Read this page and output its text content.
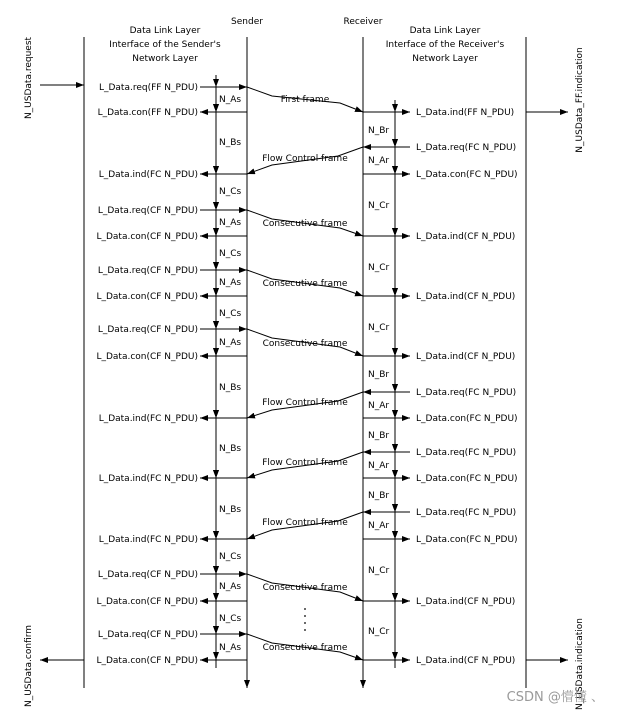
Sender	Receiver
Data Link Layer
Interface of the Sender's
Network Layer
Data Link Layer
Interface of the Receiver's
Network Layer
N_USData.request	N_USData_FF.indication
N_USData.confirm	N_USData.indication
L_Data.req(FF N_PDU)
L_Data.con(FF N_PDU)	L_Data.ind(FF N_PDU)
L_Data.req(FC N_PDU)
L_Data.ind(FC N_PDU)	L_Data.con(FC N_PDU)
L_Data.req(CF N_PDU)
L_Data.con(CF N_PDU)	L_Data.ind(CF N_PDU)
L_Data.req(CF N_PDU)
L_Data.con(CF N_PDU)	L_Data.ind(CF N_PDU)
L_Data.req(CF N_PDU)
L_Data.con(CF N_PDU)	L_Data.ind(CF N_PDU)
L_Data.req(FC N_PDU)
L_Data.ind(FC N_PDU)	L_Data.con(FC N_PDU)
L_Data.req(FC N_PDU)
L_Data.ind(FC N_PDU)	L_Data.con(FC N_PDU)
L_Data.req(FC N_PDU)
L_Data.ind(FC N_PDU)	L_Data.con(FC N_PDU)
L_Data.req(CF N_PDU)
L_Data.con(CF N_PDU)	L_Data.ind(CF N_PDU)
L_Data.req(CF N_PDU)
L_Data.con(CF N_PDU)	L_Data.ind(CF N_PDU)
First frame
Flow Control frame
Consecutive frame
Consecutive frame
Consecutive frame
Flow Control frame
Flow Control frame
Flow Control frame
Consecutive frame
Consecutive frame
N_As
N_Bs
N_Br
N_Ar
N_Cs
N_As
N_Cr
N_Cs
N_As
N_Cr
N_Cs
N_As
N_Cr
N_Bs
N_Br
N_Ar
N_Bs
N_Br
N_Ar
N_Bs
N_Br
N_Ar
N_Cs
N_As
N_Cr
N_Cs
N_As
N_Cr
CSDN @懵懂 、
